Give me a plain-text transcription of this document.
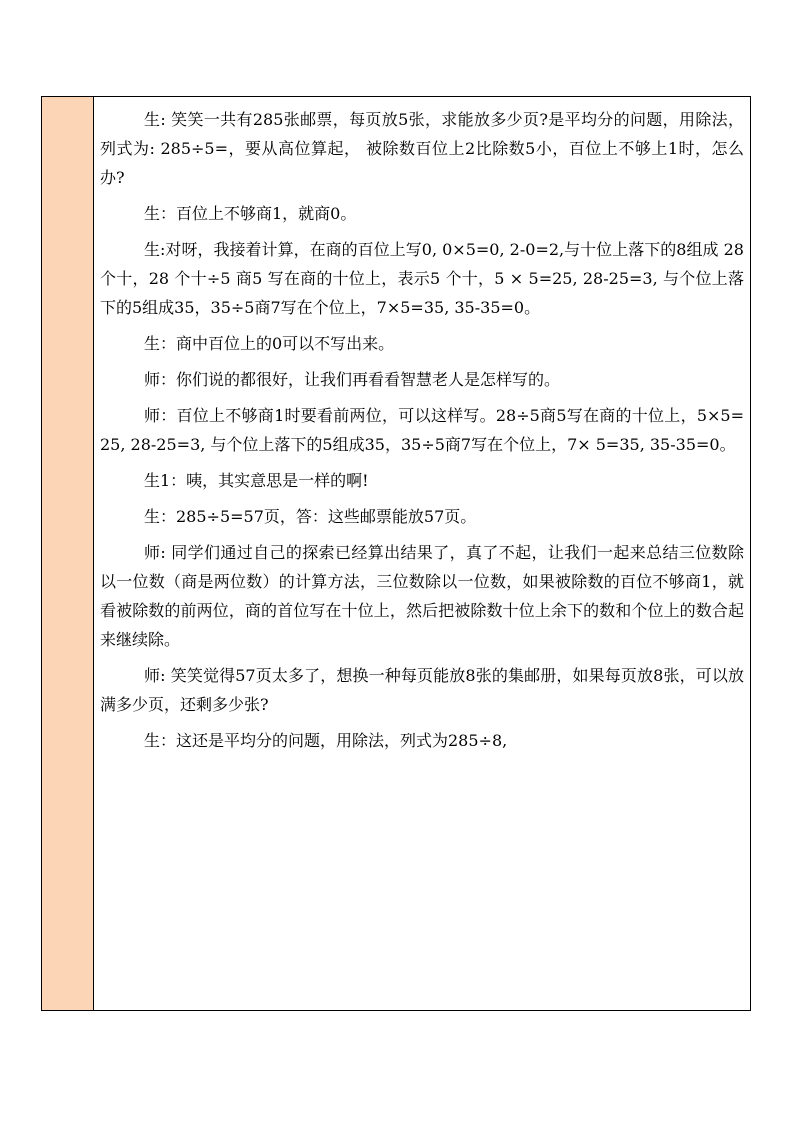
生: 笑笑一共有285张邮票，每页放5张，求能放多少页?是平均分的问题，用除法，列式为: 285÷5=，要从高位算起， 被除数百位上2比除数5小，百位上不够上1时，怎么办?

生：百位上不够商1，就商0。

生:对呀，我接着计算，在商的百位上写0, 0×5=0, 2-0=2,与十位上落下的8组成 28 个十，28 个十÷5 商5 写在商的十位上，表示5 个十，5 × 5=25, 28-25=3, 与个位上落下的5组成35，35÷5商7写在个位上，7×5=35, 35-35=0。

生：商中百位上的0可以不写出来。

师：你们说的都很好，让我们再看看智慧老人是怎样写的。

师：百位上不够商1时要看前两位，可以这样写。28÷5商5写在商的十位上，5×5=25, 28-25=3, 与个位上落下的5组成35，35÷5商7写在个位上，7× 5=35, 35-35=0。

生1：咦，其实意思是一样的啊!

生：285÷5=57页，答：这些邮票能放57页。

师: 同学们通过自己的探索已经算出结果了，真了不起，让我们一起来总结三位数除以一位数（商是两位数）的计算方法，三位数除以一位数，如果被除数的百位不够商1，就看被除数的前两位，商的首位写在十位上，然后把被除数十位上余下的数和个位上的数合起来继续除。

师: 笑笑觉得57页太多了，想换一种每页能放8张的集邮册，如果每页放8张，可以放满多少页，还剩多少张?

生：这还是平均分的问题，用除法，列式为285÷8,
